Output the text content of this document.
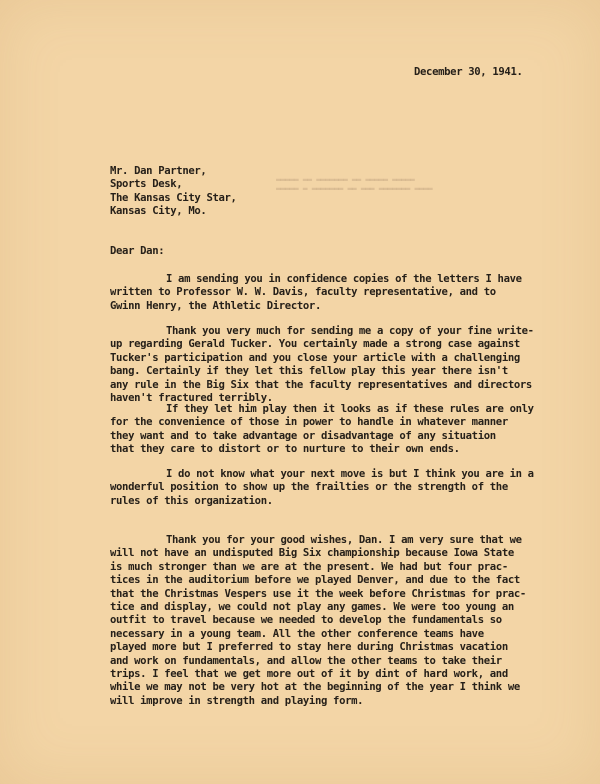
December 30, 1941.
▬▬▬▬▬ ▬▬ ▬▬▬▬▬▬▬ ▬▬ ▬▬▬▬▬ ▬▬▬▬▬
▬▬▬▬▬ ▬ ▬▬▬▬▬▬▬ ▬▬ ▬▬▬ ▬▬▬▬▬▬▬ ▬▬▬▬
Mr. Dan Partner,
Sports Desk,
The Kansas City Star,
Kansas City, Mo.
Dear Dan:
I am sending you in confidence copies of the letters I have
written to Professor W. W. Davis, faculty representative, and to
Gwinn Henry, the Athletic Director.
Thank you very much for sending me a copy of your fine write-
up regarding Gerald Tucker. You certainly made a strong case against
Tucker's participation and you close your article with a challenging
bang. Certainly if they let this fellow play this year there isn't
any rule in the Big Six that the faculty representatives and directors
haven't fractured terribly.
If they let him play then it looks as if these rules are only
for the convenience of those in power to handle in whatever manner
they want and to take advantage or disadvantage of any situation
that they care to distort or to nurture to their own ends.
I do not know what your next move is but I think you are in a
wonderful position to show up the frailties or the strength of the
rules of this organization.
Thank you for your good wishes, Dan. I am very sure that we
will not have an undisputed Big Six championship because Iowa State
is much stronger than we are at the present. We had but four prac-
tices in the auditorium before we played Denver, and due to the fact
that the Christmas Vespers use it the week before Christmas for prac-
tice and display, we could not play any games. We were too young an
outfit to travel because we needed to develop the fundamentals so
necessary in a young team. All the other conference teams have
played more but I preferred to stay here during Christmas vacation
and work on fundamentals, and allow the other teams to take their
trips. I feel that we get more out of it by dint of hard work, and
while we may not be very hot at the beginning of the year I think we
will improve in strength and playing form.
